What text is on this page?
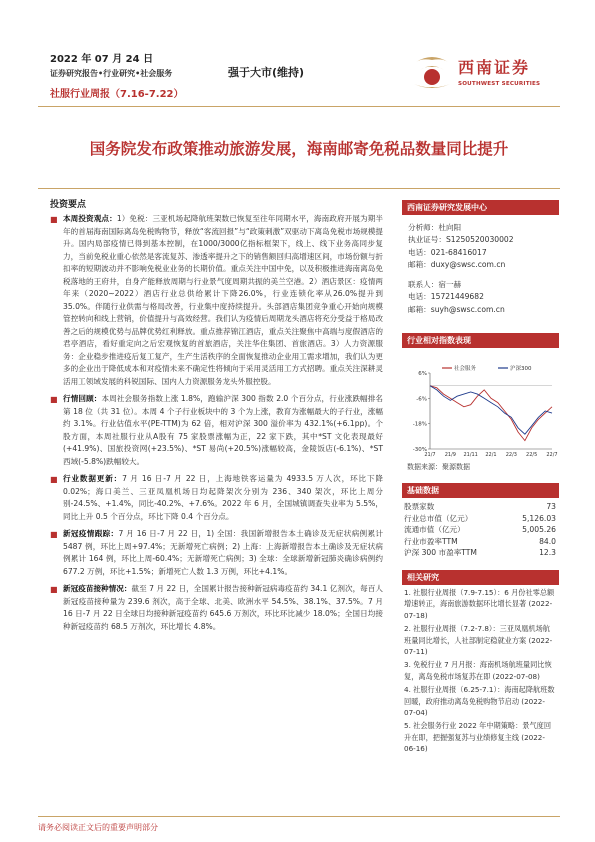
2022 年 07 月 24 日
证券研究报告•行业研究•社会服务
社服行业周报（7.16-7.22）
强于大市(维持)	西南证券
SOUTHWEST SECURITIES
国务院发布政策推动旅游发展，海南邮寄免税品数量同比提升
投资要点
■ 本周投资观点：1）免税：三亚机场起降航班架数已恢复至往年同期水平，海南政府开展为期半年的首届海南国际离岛免税购物节，释放“客流回报”与“政策刺激”双驱动下离岛免税市场规模提升。国内局部疫情已得到基本控制，在1000/3000亿指标框架下，线上、线下业务高同步复力，当前免税业重心依然是客流复苏、渗透率提升之下的销售额回归高增速区间，市场份额与折扣率的短期波动并不影响免税业业务的长期价值。重点关注中国中免，以及积极推进海南离岛免税落地的王府井，自身产能释放周期与行业景气度周期共振的美兰空港。2）酒店景区：疫情两年来（2020~2022）酒店行业总供给累计下降26.0%，行业连锁化率从26.0%提升到35.0%。伴随行业供需与格局改善，行业集中度持续提升。头部酒店集团竞争重心开始向规模管控转向和线上营销，价值提升与高效经营。我们认为疫情后周期龙头酒店将充分受益于格局改善之后的规模优势与品牌优势红利释放。重点推荐锦江酒店，重点关注聚焦中高端与度假酒店的君亭酒店，看好重定向之后宏观恢复的首旅酒店，关注华住集团、首旅酒店。3）人力资源服务：企业稳步推进疫后复工复产，生产生活秩序的全面恢复推动企业用工需求增加，我们认为更多的企业出于降低成本和对疫情未来不确定性将倾向于采用灵活用工方式招聘。重点关注深耕灵活用工领域发展的科锐国际、国内人力资源服务龙头外服控股。
■ 行情回顾：本周社会服务指数上涨 1.8%，跑输沪深 300 指数 2.0 个百分点，行业涨跌幅排名第 18 位（共 31 位）。本周 4 个子行业板块中的 3 个为上涨，教育为涨幅最大的子行业，涨幅约 3.1%。行业估值水平(PE-TTM)为 62 倍，相对沪深 300 溢价率为 432.1%(+6.1pp)。个股方面，本周社服行业从A股有 75 家股票涨幅为正，22 家下跌，其中*ST 文化表现最好(+41.9%)、国旅投资网(+23.5%)、*ST 易尚(+20.5%)涨幅较高，金陵饭店(-6.1%)、*ST 西域(-5.8%)跌幅较大。
■ 行业数据更新：7 月 16 日-7 月 22 日，上海地铁客运量为 4933.5 万人次，环比下降 0.02%；海口美兰、三亚凤凰机场日均起降架次分别为 236、340 架次，环比上周分别-24.5%、+1.4%，同比-40.2%、+7.6%。2022 年 6 月，全国城镇调查失业率为 5.5%，同比上升 0.5 个百分点，环比下降 0.4 个百分点。
■ 新冠疫情跟踪：7 月 16 日-7 月 22 日，1) 全国：我国新增报告本土确诊及无症状病例累计 5487 例，环比上周+97.4%；无新增死亡病例；2) 上海：上海新增报告本土确诊及无症状病例累计 164 例，环比上周-60.4%；无新增死亡病例；3) 全球：全球新增新冠肺炎确诊病例约 677.2 万例，环比+1.5%；新增死亡人数 1.3 万例，环比+4.1%。
■ 新冠疫苗接种情况：截至 7 月 22 日，全国累计报告接种新冠病毒疫苗约 34.1 亿剂次，每百人新冠疫苗接种量为 239.6 剂次，高于全球、北美、欧洲水平 54.5%、38.1%、37.5%。7 月 16 日-7 月 22 日全球日均接种新冠疫苗约 645.6 万剂次，环比环比减少 18.0%；全国日均接种新冠疫苗约 68.5 万剂次，环比增长 4.8%。
西南证券研究发展中心
分析师：杜向阳
执业证号：S1250520030002
电话：021-68416017
邮箱：duxy@swsc.com.cn
联系人：宿一赫
电话：15721449682
邮箱：suyh@swsc.com.cn
行业相对指数表现
6%
-6%
-18%
-30%
21/7 21/9 21/11 22/1 22/3 22/5 22/7
社会服务	沪深300
数据来源：聚源数据
基础数据
股票家数	73
行业总市值（亿元）	5,126.03
流通市值（亿元）	5,005.26
行业市盈率TTM	84.0
沪深 300 市盈率TTM	12.3
相关研究
1. 社服行业周报（7.9-7.15）：6 月份社零总额增速转正，海南旅游数据环比增长显著 (2022-07-18)
2. 社服行业周报（7.2-7.8）：三亚凤凰机场航班量同比增长，人社部制定稳就业方案 (2022-07-11)
3. 免税行业 7 月月报：海南机场航班量同比恢复，离岛免税市场复苏在即 (2022-07-08)
4. 社服行业周报（6.25-7.1）：海南起降航班数回暖，政府推动离岛免税购物节启动 (2022-07-04)
5. 社会服务行业 2022 年中期策略：景气度回升在即，把握强复苏与业绩修复主线 (2022-06-16)
请务必阅读正文后的重要声明部分
